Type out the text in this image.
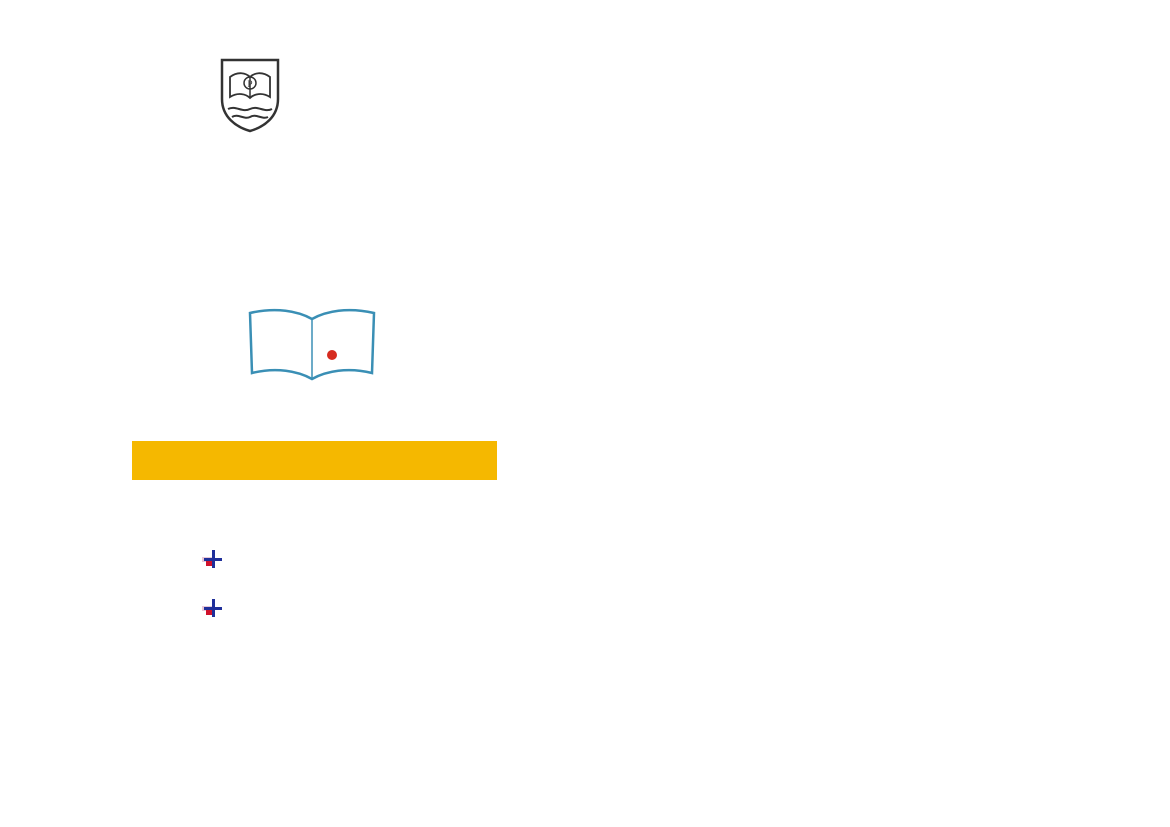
P
